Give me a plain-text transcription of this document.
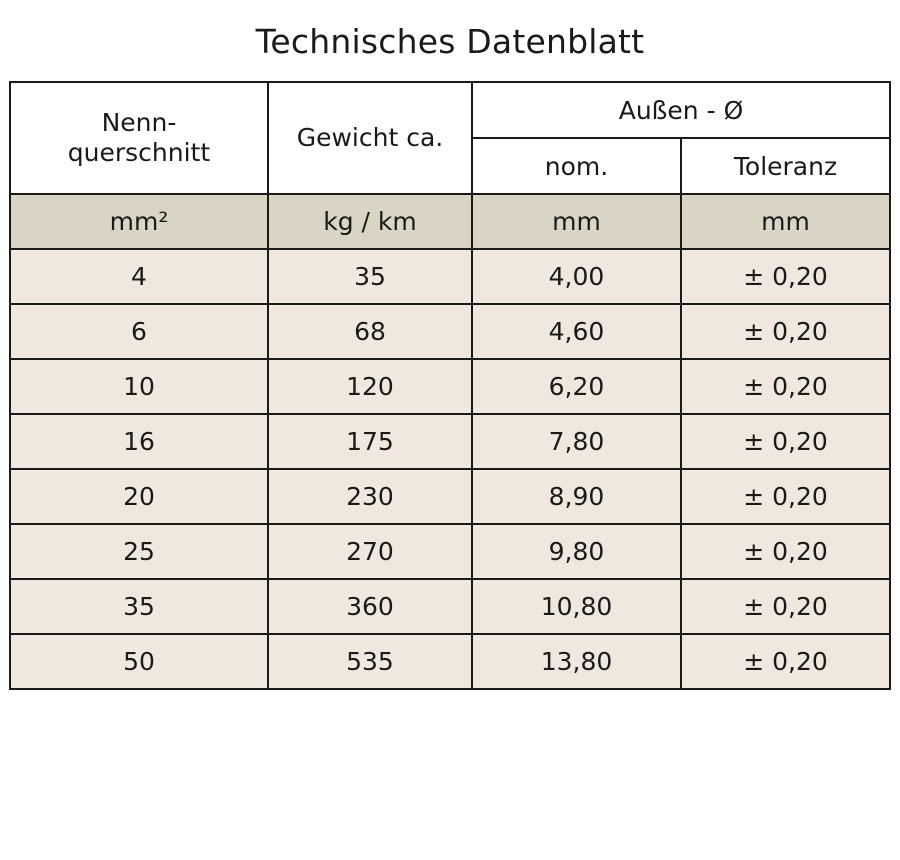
Technisches Datenblatt
Nenn-
querschnitt	Gewicht ca.	Außen - Ø	
		nom.	Toleranz
mm²	kg / km	mm	mm
4	35	4,00	± 0,20
6	68	4,60	± 0,20
10	120	6,20	± 0,20
16	175	7,80	± 0,20
20	230	8,90	± 0,20
25	270	9,80	± 0,20
35	360	10,80	± 0,20
50	535	13,80	± 0,20
